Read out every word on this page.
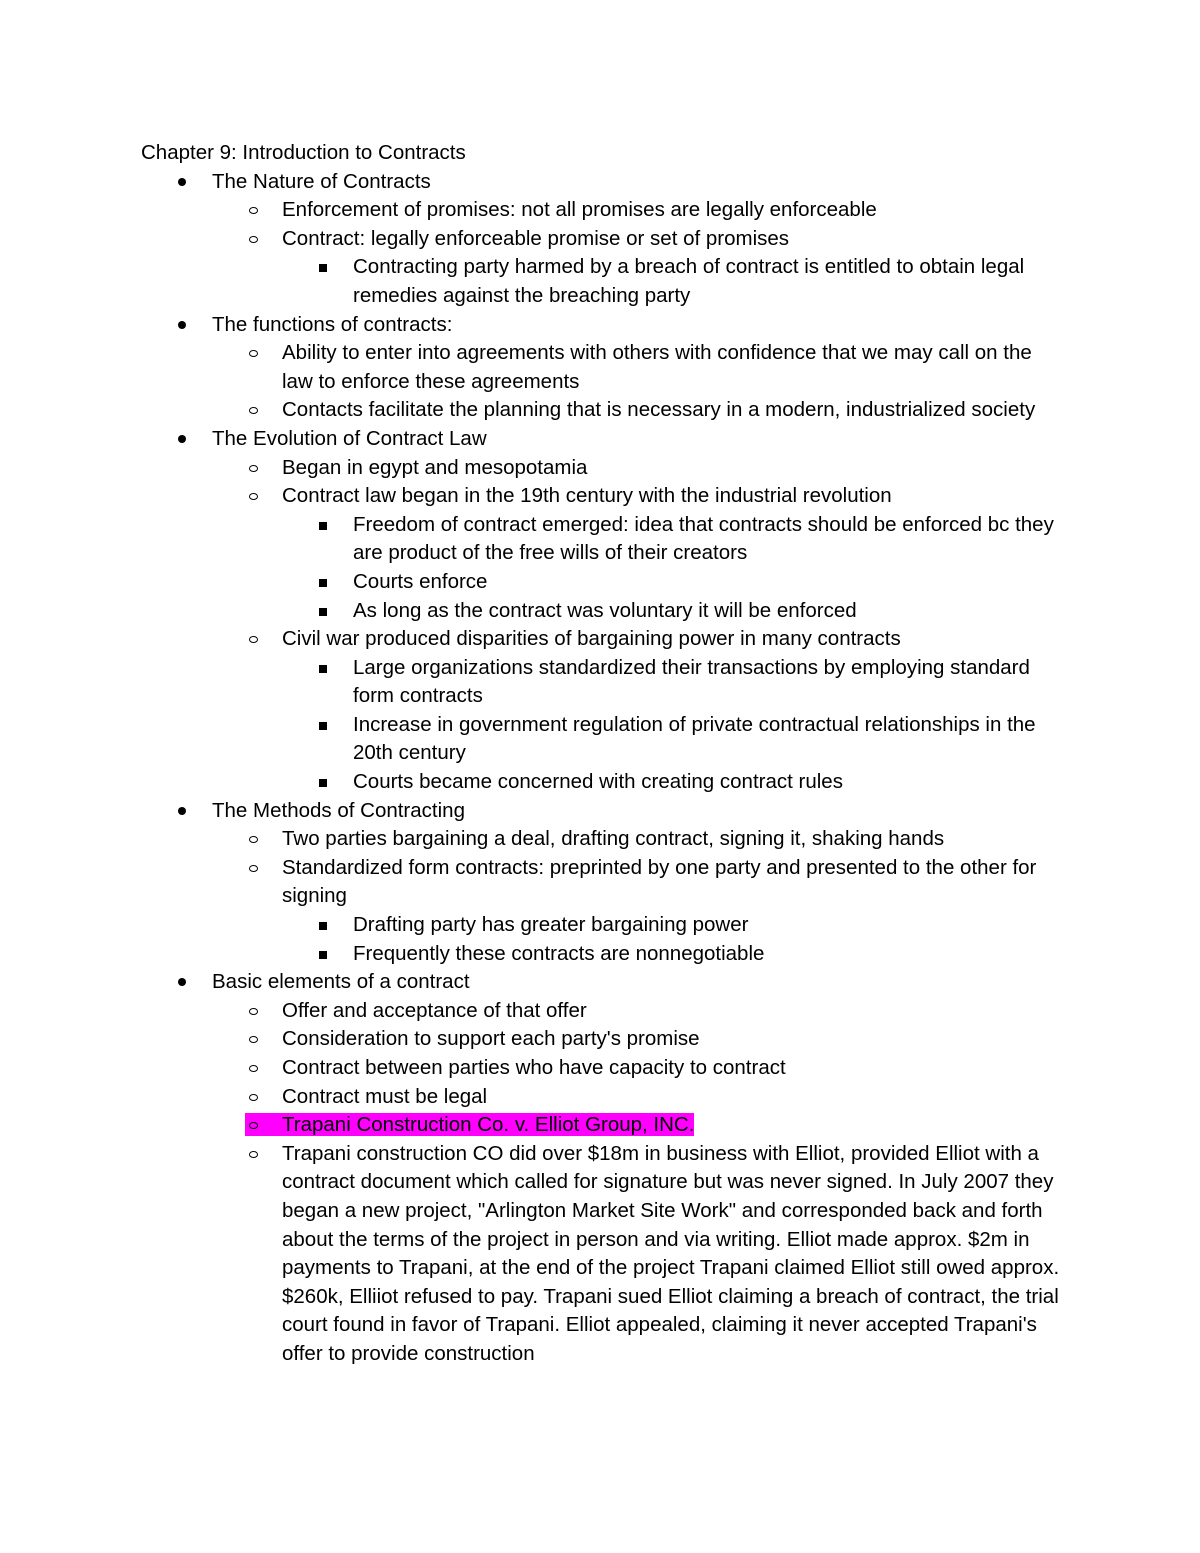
Chapter 9: Introduction to Contracts
The Nature of Contracts
Enforcement of promises: not all promises are legally enforceable
Contract: legally enforceable promise or set of promises
Contracting party harmed by a breach of contract is entitled to obtain legal remedies against the breaching party
The functions of contracts:
Ability to enter into agreements with others with confidence that we may call on the law to enforce these agreements
Contacts facilitate the planning that is necessary in a modern, industrialized society
The Evolution of Contract Law
Began in egypt and mesopotamia
Contract law began in the 19th century with the industrial revolution
Freedom of contract emerged: idea that contracts should be enforced bc they are product of the free wills of their creators
Courts enforce
As long as the contract was voluntary it will be enforced
Civil war produced disparities of bargaining power in many contracts
Large organizations standardized their transactions by employing standard form contracts
Increase in government regulation of private contractual relationships in the 20th century
Courts became concerned with creating contract rules
The Methods of Contracting
Two parties bargaining a deal, drafting contract, signing it, shaking hands
Standardized form contracts: preprinted by one party and presented to the other for signing
Drafting party has greater bargaining power
Frequently these contracts are nonnegotiable
Basic elements of a contract
Offer and acceptance of that offer
Consideration to support each party's promise
Contract between parties who have capacity to contract
Contract must be legal
Trapani Construction Co. v. Elliot Group, INC.
Trapani construction CO did over $18m in business with Elliot, provided Elliot with a contract document which called for signature but was never signed. In July 2007 they began a new project, "Arlington Market Site Work" and corresponded back and forth about the terms of the project in person and via writing. Elliot made approx. $2m in payments to Trapani, at the end of the project Trapani claimed Elliot still owed approx. $260k, Elliiot refused to pay. Trapani sued Elliot claiming a breach of contract, the trial court found in favor of Trapani. Elliot appealed, claiming it never accepted Trapani's offer to provide construction
